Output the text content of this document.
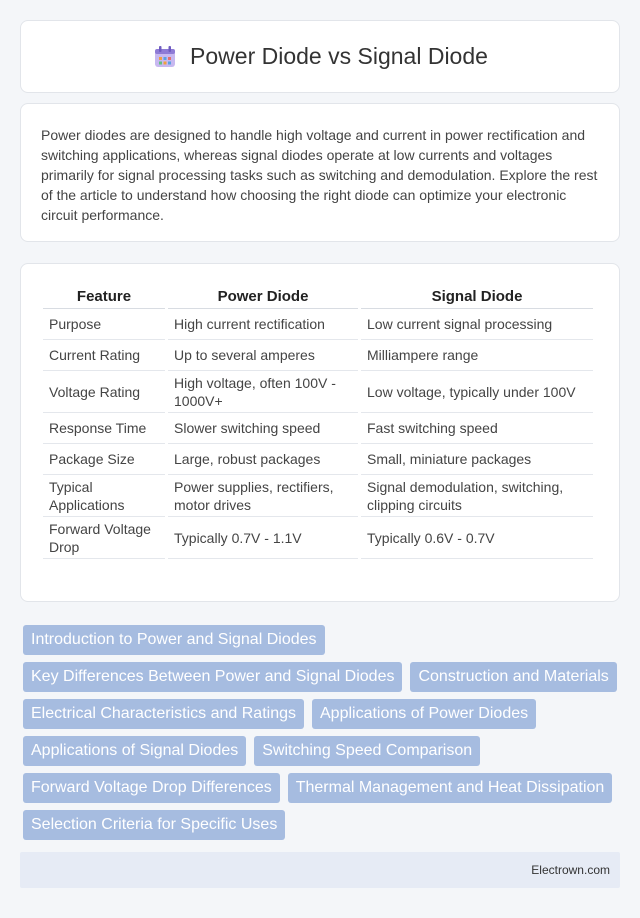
Power Diode vs Signal Diode

Power diodes are designed to handle high voltage and current in power rectification and switching applications, whereas signal diodes operate at low currents and voltages primarily for signal processing tasks such as switching and demodulation. Explore the rest of the article to understand how choosing the right diode can optimize your electronic circuit performance.

Feature	Power Diode	Signal Diode
Purpose	High current rectification	Low current signal processing
Current Rating	Up to several amperes	Milliampere range
Voltage Rating	High voltage, often 100V - 1000V+	Low voltage, typically under 100V
Response Time	Slower switching speed	Fast switching speed
Package Size	Large, robust packages	Small, miniature packages
Typical Applications	Power supplies, rectifiers, motor drives	Signal demodulation, switching, clipping circuits
Forward Voltage Drop	Typically 0.7V - 1.1V	Typically 0.6V - 0.7V
Introduction to Power and Signal Diodes
Key Differences Between Power and Signal Diodes	Construction and Materials
Electrical Characteristics and Ratings	Applications of Power Diodes
Applications of Signal Diodes	Switching Speed Comparison
Forward Voltage Drop Differences	Thermal Management and Heat Dissipation
Selection Criteria for Specific Uses
Electrown.com
